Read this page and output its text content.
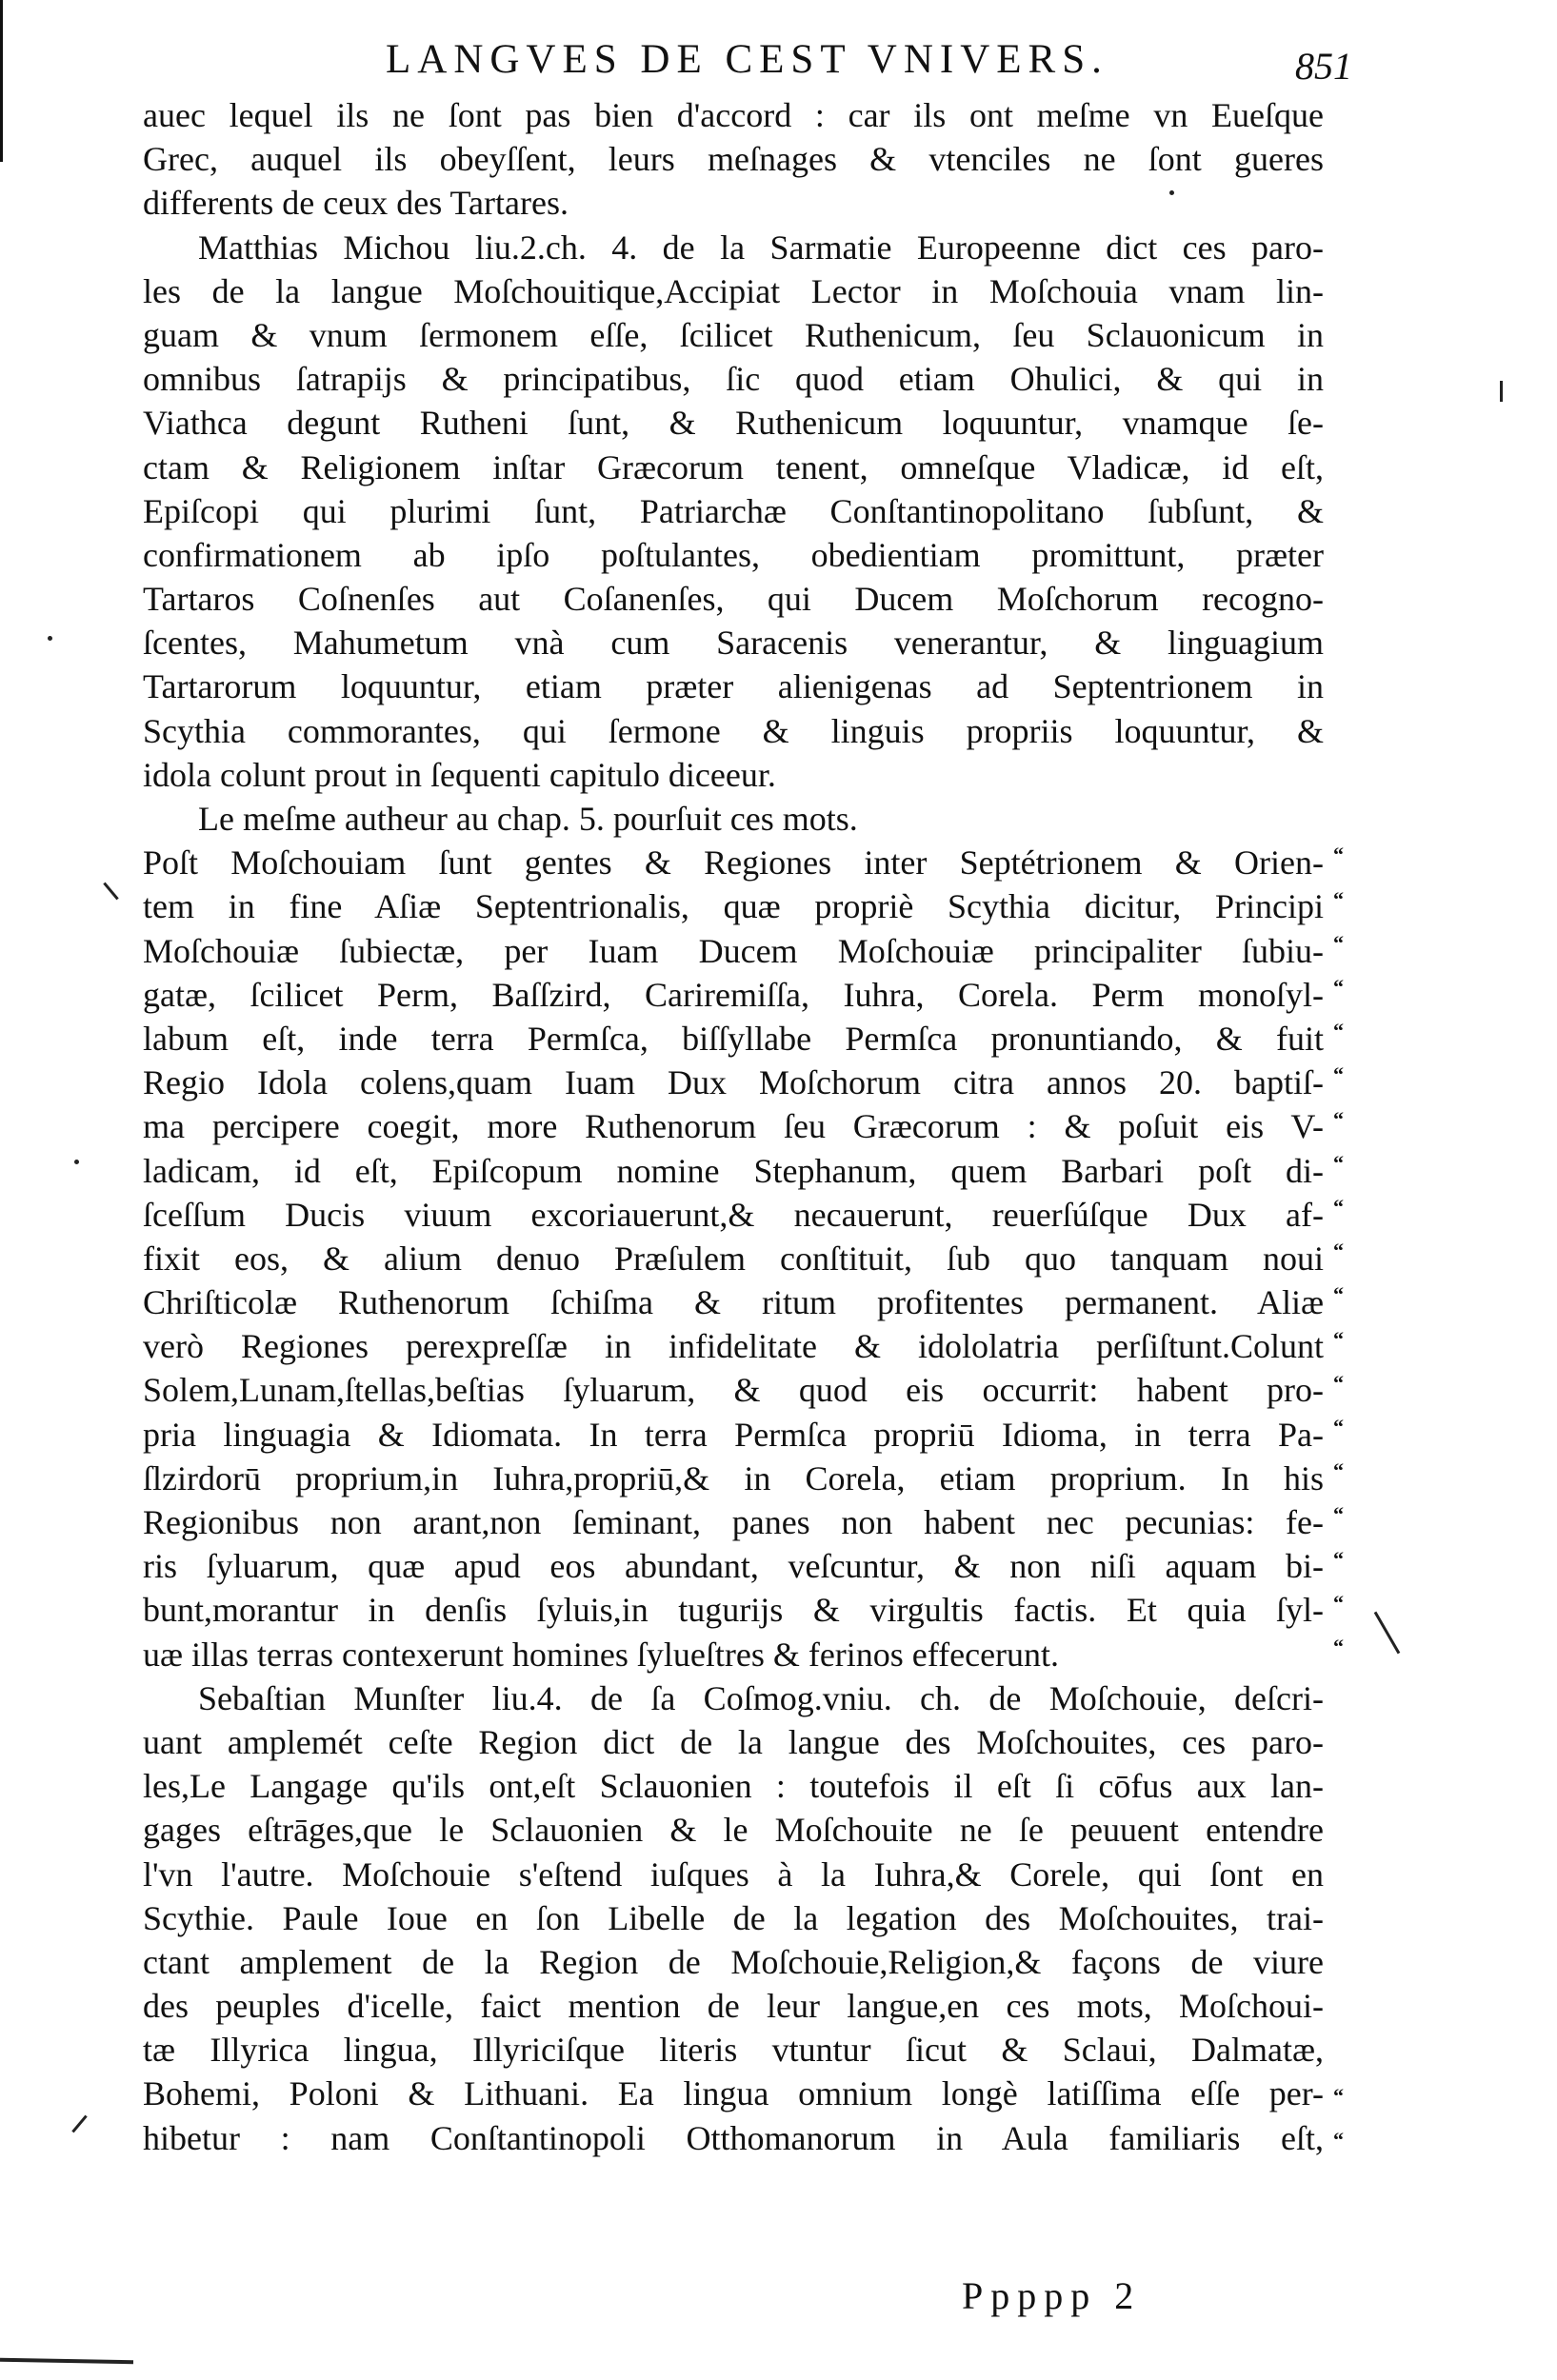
LANGVES DE CEST VNIVERS.	851
auec lequel ils ne ſont pas bien d'accord : car ils ont meſme vn Eueſque
Grec, auquel ils obeyſſent, leurs meſnages & vtenciles ne ſont gueres
differents de ceux des Tartares.
Matthias Michou liu.2.ch. 4. de la Sarmatie Europeenne dict ces paro-
les de la langue Moſchouitique,Accipiat Lector in Moſchouia vnam lin-
guam & vnum ſermonem eſſe, ſcilicet Ruthenicum, ſeu Sclauonicum in
omnibus ſatrapijs & principatibus, ſic quod etiam Ohulici, & qui in
Viathca degunt Rutheni ſunt, & Ruthenicum loquuntur, vnamque ſe-
ctam & Religionem inſtar Græcorum tenent, omneſque Vladicæ, id eſt,
Epiſcopi qui plurimi ſunt, Patriarchæ Conſtantinopolitano ſubſunt, &
confirmationem ab ipſo poſtulantes, obedientiam promittunt, præter
Tartaros Coſnenſes aut Coſanenſes, qui Ducem Moſchorum recogno-
ſcentes, Mahumetum vnà cum Saracenis venerantur, & linguagium
Tartarorum loquuntur, etiam præter alienigenas ad Septentrionem in
Scythia commorantes, qui ſermone & linguis propriis loquuntur, &
idola colunt prout in ſequenti capitulo diceeur.
Le meſme autheur au chap. 5. pourſuit ces mots.
Poſt Moſchouiam ſunt gentes & Regiones inter Septétrionem & Orien-
tem in fine Aſiæ Septentrionalis, quæ propriè Scythia dicitur, Principi
Moſchouiæ ſubiectæ, per Iuam Ducem Moſchouiæ principaliter ſubiu-
gatæ, ſcilicet Perm, Baſſzird, Cariremiſſa, Iuhra, Corela. Perm monoſyl-
labum eſt, inde terra Permſca, biſſyllabe Permſca pronuntiando, & fuit
Regio Idola colens,quam Iuam Dux Moſchorum citra annos 20. baptiſ-
ma percipere coegit, more Ruthenorum ſeu Græcorum : & poſuit eis V-
ladicam, id eſt, Epiſcopum nomine Stephanum, quem Barbari poſt di-
ſceſſum Ducis viuum excoriauerunt,& necauerunt, reuerſúſque Dux af-
fixit eos, & alium denuo Præſulem conſtituit, ſub quo tanquam noui
Chriſticolæ Ruthenorum ſchiſma & ritum profitentes permanent. Aliæ
verò Regiones perexpreſſæ in infidelitate & idololatria perſiſtunt.Colunt
Solem,Lunam,ſtellas,beſtias ſyluarum, & quod eis occurrit: habent pro-
pria linguagia & Idiomata. In terra Permſca propriū Idioma, in terra Pa-
ſlzirdorū proprium,in Iuhra,propriū,& in Corela, etiam proprium. In his
Regionibus non arant,non ſeminant, panes non habent nec pecunias: fe-
ris ſyluarum, quæ apud eos abundant, veſcuntur, & non niſi aquam bi-
bunt,morantur in denſis ſyluis,in tugurijs & virgultis factis. Et quia ſyl-
uæ illas terras contexerunt homines ſylueſtres & ferinos effecerunt.
Sebaſtian Munſter liu.4. de ſa Coſmog.vniu. ch. de Moſchouie, deſcri-
uant amplemét ceſte Region dict de la langue des Moſchouites, ces paro-
les,Le Langage qu'ils ont,eſt Sclauonien : toutefois il eſt ſi cōfus aux lan-
gages eſtrāges,que le Sclauonien & le Moſchouite ne ſe peuuent entendre
l'vn l'autre. Moſchouie s'eſtend iuſques à la Iuhra,& Corele, qui ſont en
Scythie. Paule Ioue en ſon Libelle de la legation des Moſchouites, trai-
ctant amplement de la Region de Moſchouie,Religion,& façons de viure
des peuples d'icelle, faict mention de leur langue,en ces mots, Moſchoui-
tæ Illyrica lingua, Illyriciſque literis vtuntur ſicut & Sclaui, Dalmatæ,
Bohemi, Poloni & Lithuani. Ea lingua omnium longè latiſſima eſſe per-
hibetur : nam Conſtantinopoli Otthomanorum in Aula familiaris eſt,
“
“
“
“
“
“
“
“
“
“
“
“
“
“
“
“
“
“
“
“
“
Ppppp 2
